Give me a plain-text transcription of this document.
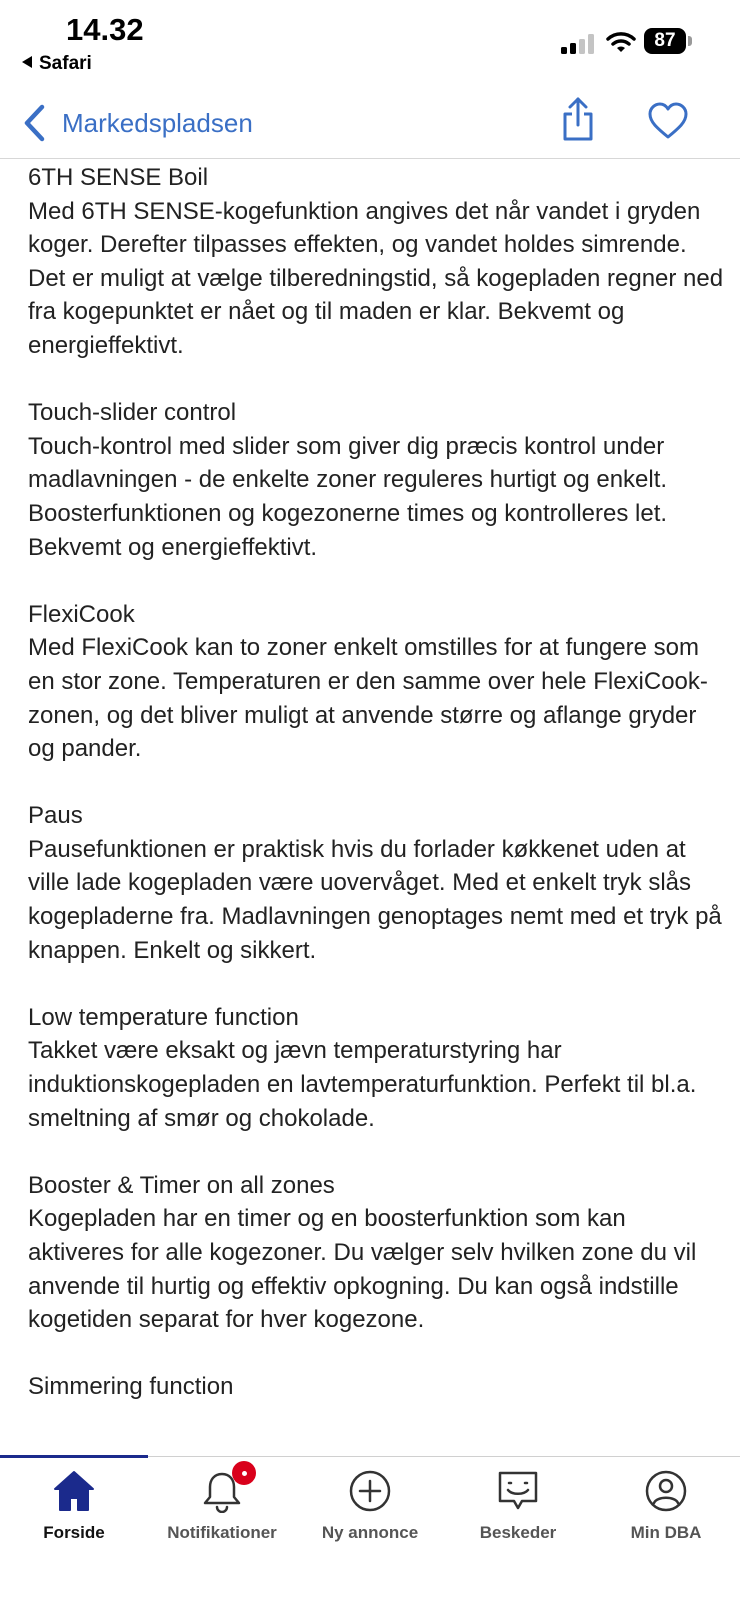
14.32
Safari
87
Markedspladsen

6TH SENSE Boil

Med 6TH SENSE-kogefunktion angives det når vandet i gryden koger. Derefter tilpasses effekten, og vandet holdes simrende. Det er muligt at vælge tilberedningstid, så kogepladen regner ned fra kogepunktet er nået og til maden er klar. Bekvemt og energieffektivt.

Touch-slider control

Touch-kontrol med slider som giver dig præcis kontrol under madlavningen - de enkelte zoner reguleres hurtigt og enkelt. Boosterfunktionen og kogezonerne times og kontrolleres let. Bekvemt og energieffektivt.

FlexiCook

Med FlexiCook kan to zoner enkelt omstilles for at fungere som en stor zone. Temperaturen er den samme over hele FlexiCook-zonen, og det bliver muligt at anvende større og aflange gryder og pander.

Paus

Pausefunktionen er praktisk hvis du forlader køkkenet uden at ville lade kogepladen være uovervåget. Med et enkelt tryk slås kogepladerne fra. Madlavningen genoptages nemt med et tryk på knappen. Enkelt og sikkert.

Low temperature function

Takket være eksakt og jævn temperaturstyring har induktionskogepladen en lavtemperaturfunktion. Perfekt til bl.a. smeltning af smør og chokolade.

Booster & Timer on all zones

Kogepladen har en timer og en boosterfunktion som kan aktiveres for alle kogezoner. Du vælger selv hvilken zone du vil anvende til hurtig og effektiv opkogning. Du kan også indstille kogetiden separat for hver kogezone.

Simmering function

Forside	Notifikationer	Ny annonce	Beskeder	Min DBA
